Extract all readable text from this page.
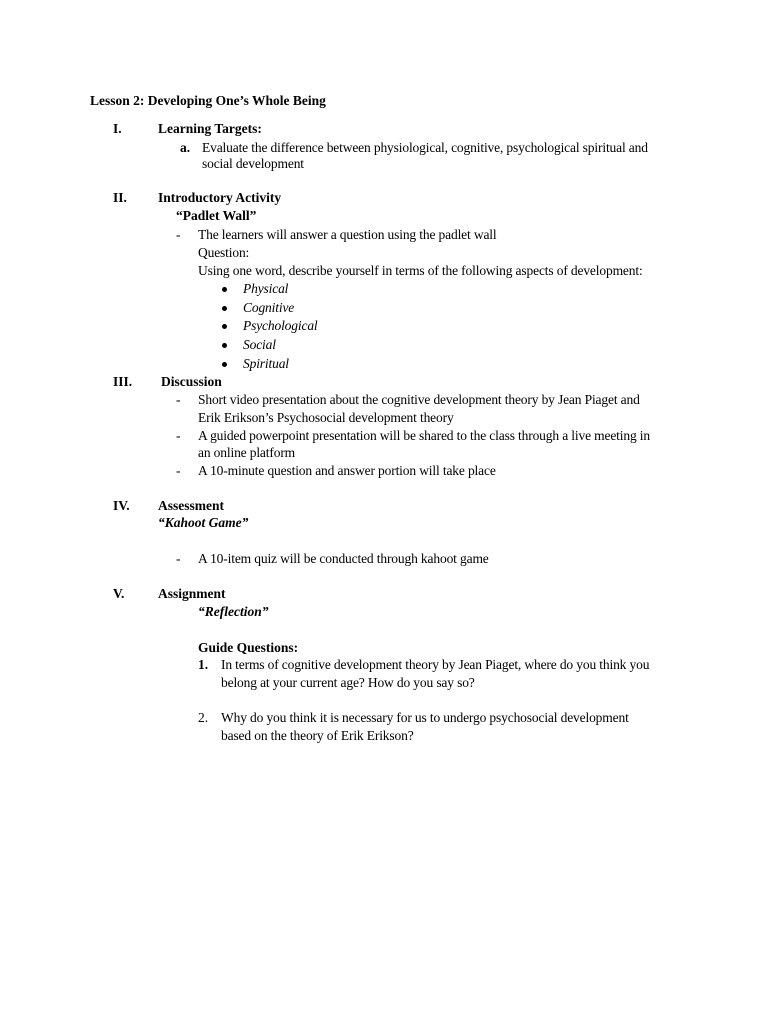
Lesson 2: Developing One’s Whole Being
I.	Learning Targets:
a. Evaluate the difference between physiological, cognitive, psychological spiritual and
social development
II. Introductory Activity
“Padlet Wall”
- The learners will answer a question using the padlet wall
Question:
Using one word, describe yourself in terms of the following aspects of development:
Physical
Cognitive
Psychological
Social
Spiritual
III. Discussion
- Short video presentation about the cognitive development theory by Jean Piaget and
Erik Erikson’s Psychosocial development theory
- A guided powerpoint presentation will be shared to the class through a live meeting in
an online platform
- A 10-minute question and answer portion will take place
IV. Assessment
“Kahoot Game”
- A 10-item quiz will be conducted through kahoot game
V. Assignment
“Reflection”
Guide Questions:
1. In terms of cognitive development theory by Jean Piaget, where do you think you
belong at your current age? How do you say so?
2. Why do you think it is necessary for us to undergo psychosocial development
based on the theory of Erik Erikson?
